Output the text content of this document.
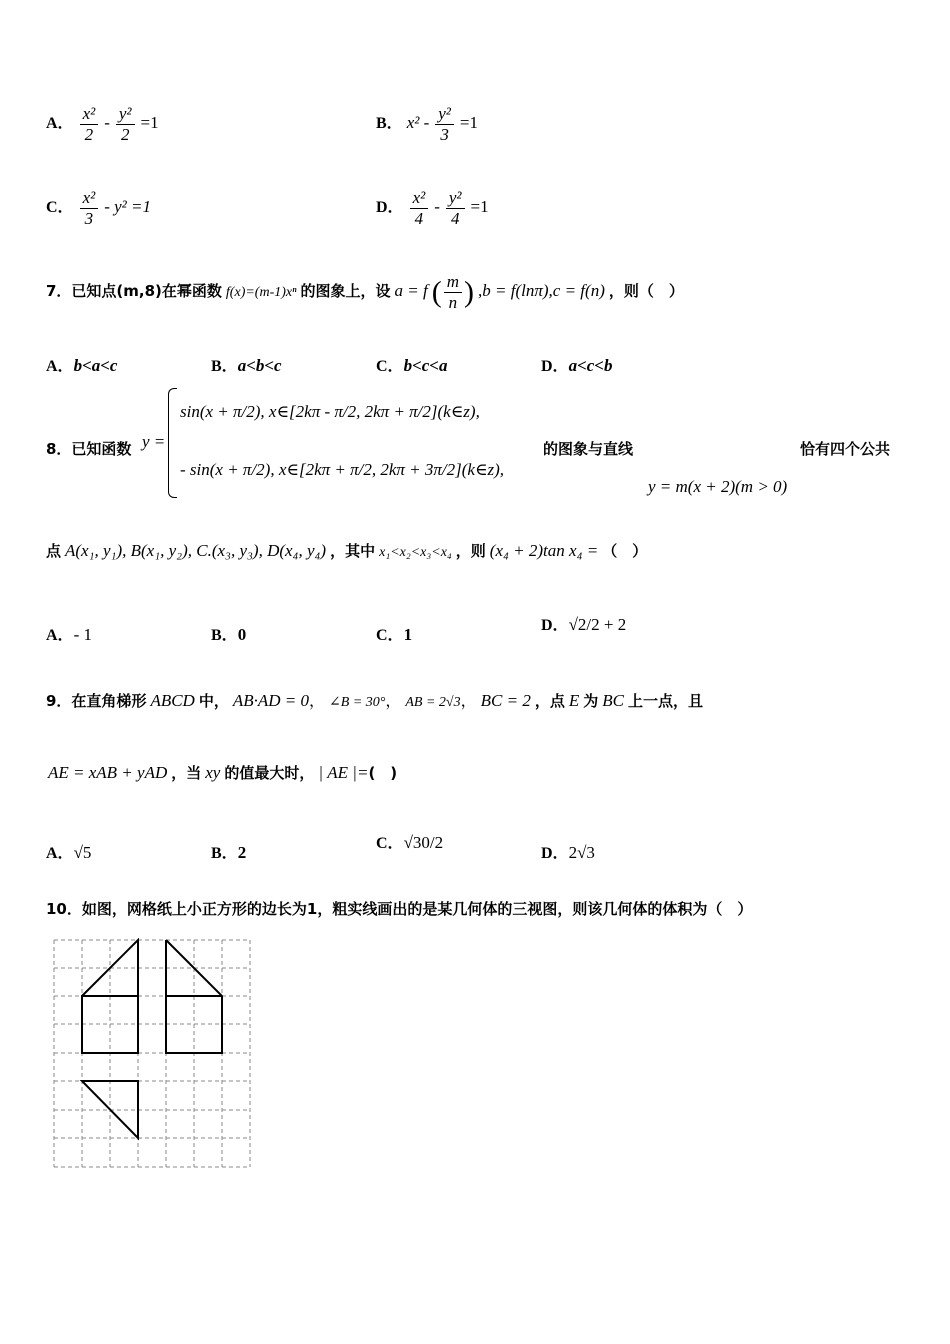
A． $\frac{\text{x²}}{2} - \frac{\text{y²}}{2} =1$	B． $x^2 - \frac{\text{y²}}{3} =1$
C． $\frac{\text{x²}}{3} - y^2 =1$	D． $\frac{\text{x²}}{4} - \frac{\text{y²}}{4} =1$
7．已知点(m,8)在幂函数 f(x)=(m-1)xⁿ 的图象上，设 a = f ( $\frac{m}{n}$ ) ,b = f(lnπ),c = f(n) ，则（　）
A．b<a<c	B．a<b<c	C．b<c<a	D．a<c<b
8．已知函数 y =
sin(x + π/2), x∈[2kπ - π/2, 2kπ + π/2](k∈z),
- sin(x + π/2), x∈[2kπ + π/2, 2kπ + 3π/2](k∈z),
的图象与直线	恰有四个公共
y = m(x + 2)(m > 0)
点 A(x₁, y₁), B(x₁, y₂), C.(x₃, y₃), D(x₄, y₄) ，其中 x₁<x₂<x₃<x₄ ，则 (x₄ + 2)tan x₄ = （　）
A．- 1	B．0	C．1	D．√2/2 + 2
9．在直角梯形 ABCD 中， AB·AD = 0， ∠B = 30°， AB = 2√3， BC = 2 ，点 E 为 BC 上一点，且
AE = xAB + yAD ，当 xy 的值最大时， | AE |=(　)
A．√5	B．2	C．√30/2
D．2√3
10．如图，网格纸上小正方形的边长为1，粗实线画出的是某几何体的三视图，则该几何体的体积为（　）
